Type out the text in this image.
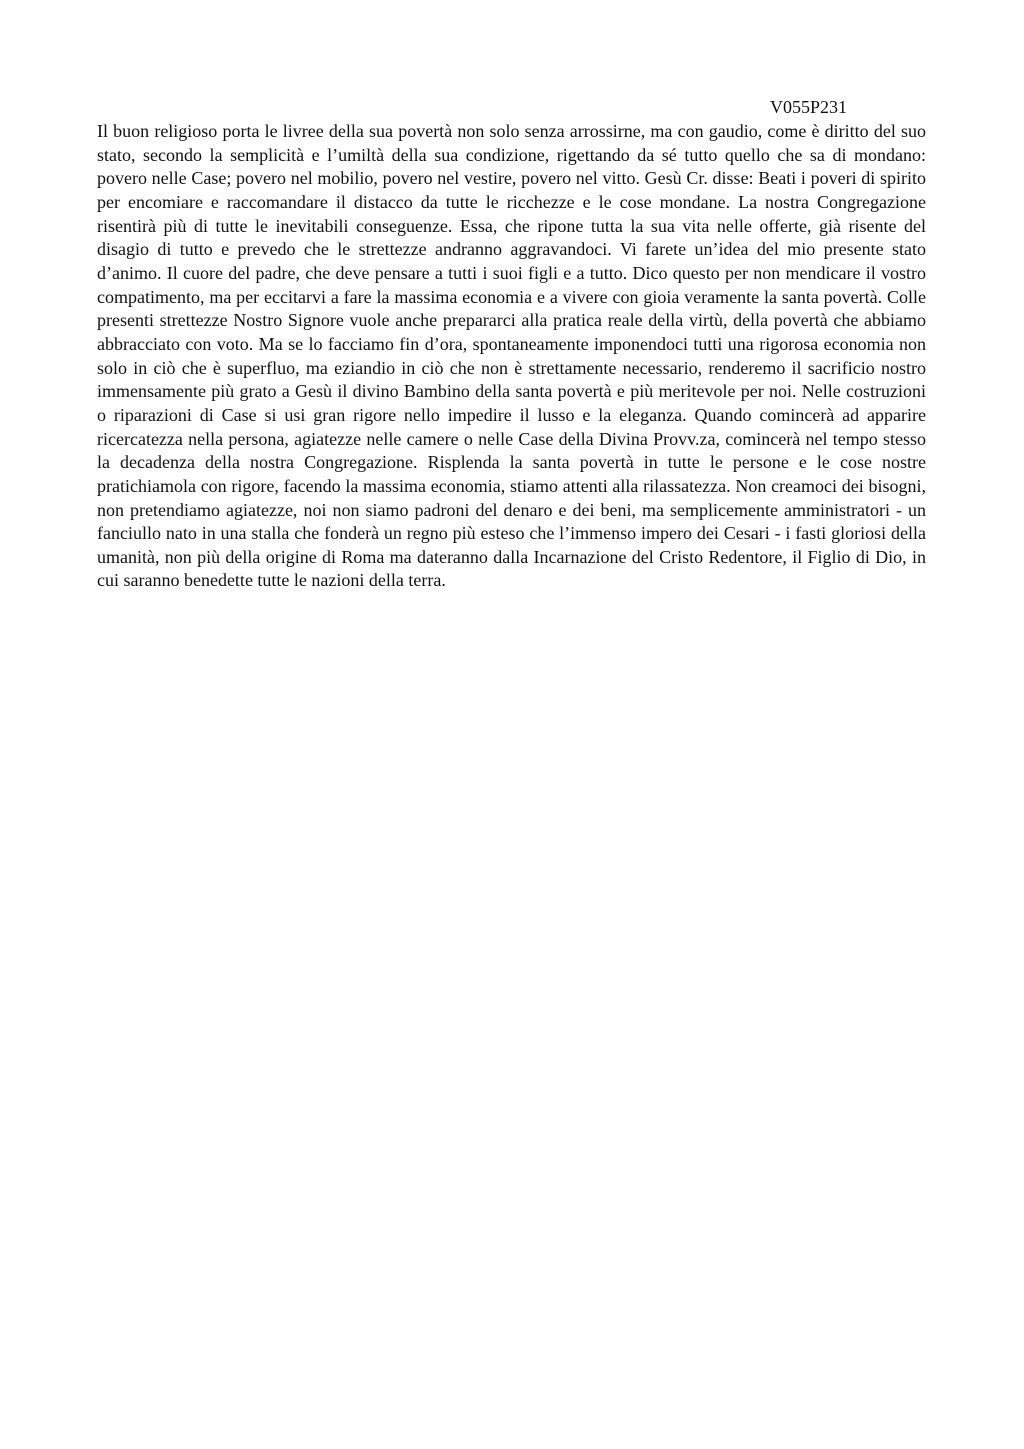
V055P231

Il buon religioso porta le livree della sua povertà non solo senza arrossirne, ma con gaudio, come è diritto del suo stato, secondo la semplicità e l’umiltà della sua condizione, rigettando da sé tutto quello che sa di mondano: povero nelle Case; povero nel mobilio, povero nel vestire, povero nel vitto. Gesù Cr. disse: Beati i poveri di spirito per encomiare e raccomandare il distacco da tutte le ricchezze e le cose mondane. La nostra Congregazione risentirà più di tutte le inevitabili conseguenze. Essa, che ripone tutta la sua vita nelle offerte, già risente del disagio di tutto e prevedo che le strettezze andranno aggravandoci. Vi farete un’idea del mio presente stato d’animo. Il cuore del padre, che deve pensare a tutti i suoi figli e a tutto. Dico questo per non mendicare il vostro compatimento, ma per eccitarvi a fare la massima economia e a vivere con gioia veramente la santa povertà. Colle presenti strettezze Nostro Signore vuole anche prepararci alla pratica reale della virtù, della povertà che abbiamo abbracciato con voto. Ma se lo facciamo fin d’ora, spontaneamente imponendoci tutti una rigorosa economia non solo in ciò che è superfluo, ma eziandio in ciò che non è strettamente necessario, renderemo il sacrificio nostro immensamente più grato a Gesù il divino Bambino della santa povertà e più meritevole per noi. Nelle costruzioni o riparazioni di Case si usi gran rigore nello impedire il lusso e la eleganza. Quando comincerà ad apparire ricercatezza nella persona, agiatezze nelle camere o nelle Case della Divina Provv.za, comincerà nel tempo stesso la decadenza della nostra Congregazione. Risplenda la santa povertà in tutte le persone e le cose nostre pratichiamola con rigore, facendo la massima economia, stiamo attenti alla rilassatezza. Non creamoci dei bisogni, non pretendiamo agiatezze, noi non siamo padroni del denaro e dei beni, ma semplicemente amministratori - un fanciullo nato in una stalla che fonderà un regno più esteso che l’immenso impero dei Cesari - i fasti gloriosi della umanità, non più della origine di Roma ma dateranno dalla Incarnazione del Cristo Redentore, il Figlio di Dio, in cui saranno benedette tutte le nazioni della terra.
